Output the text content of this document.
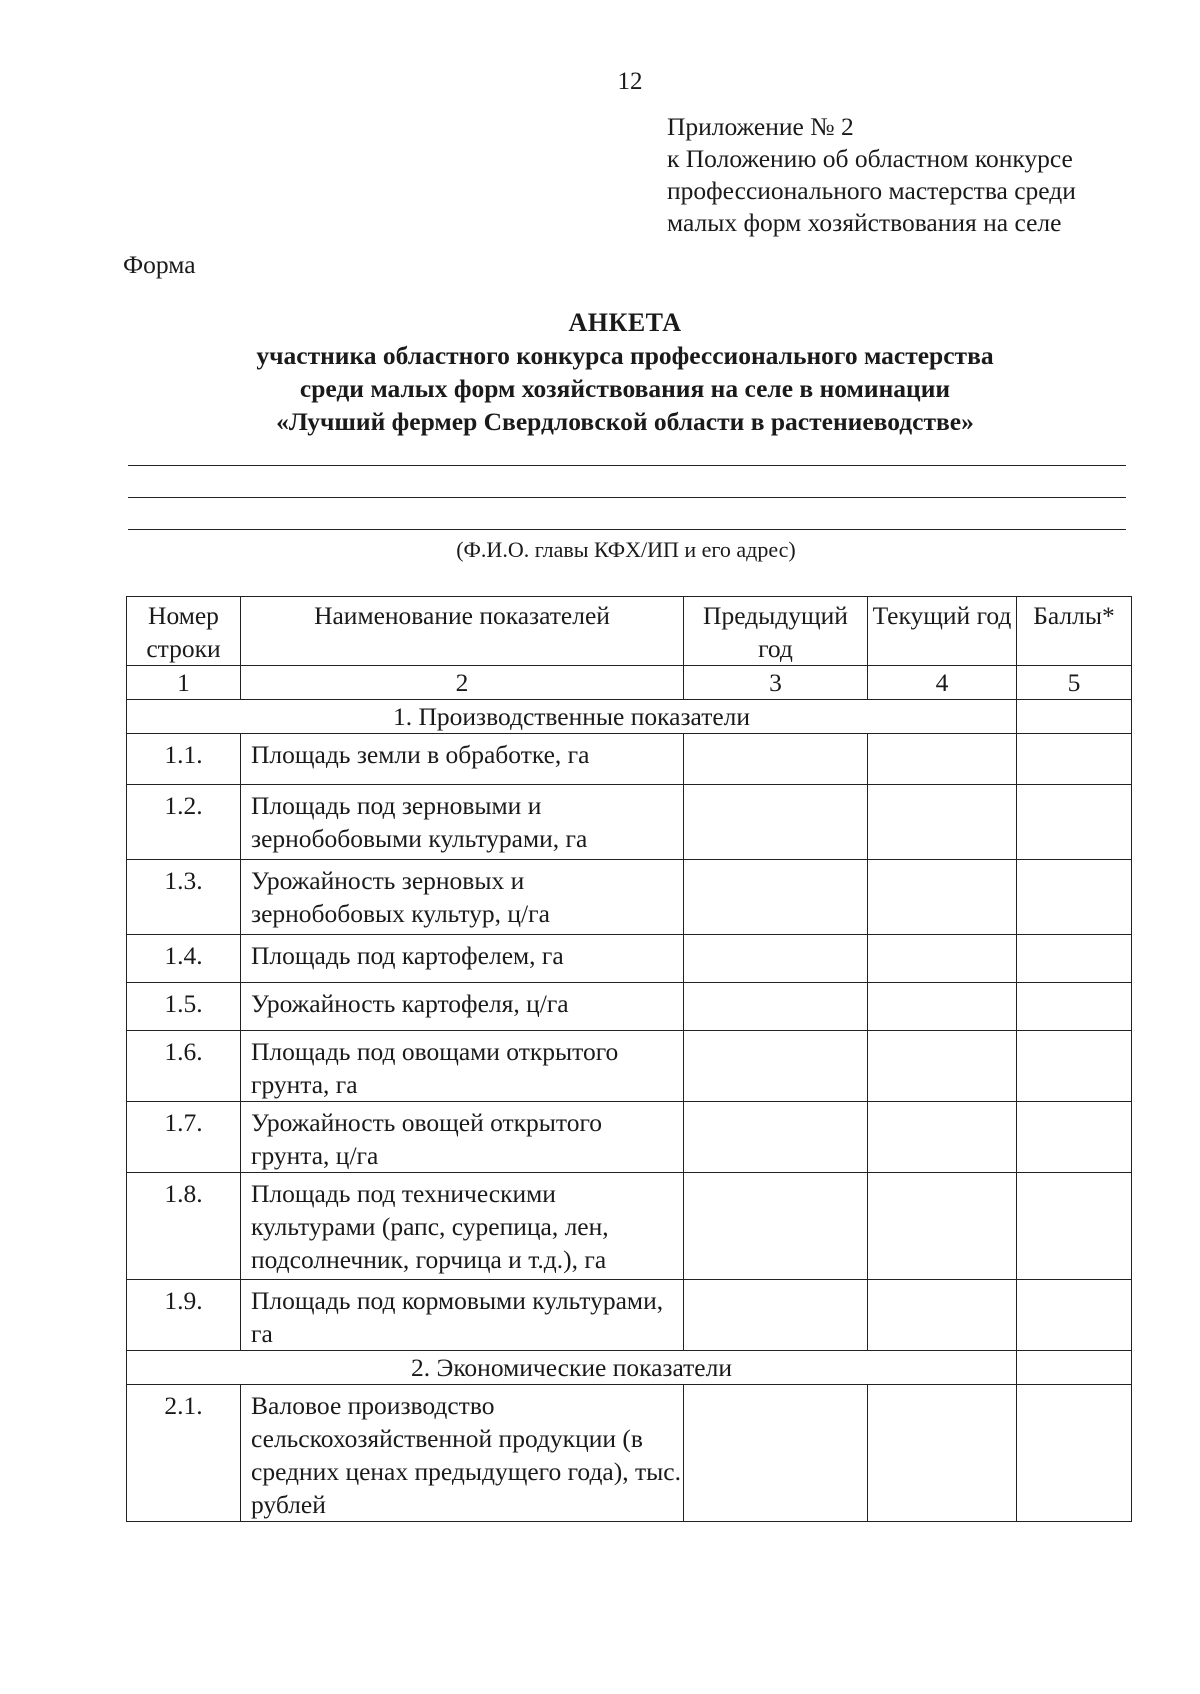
12
Приложение № 2
к Положению об областном конкурсе
профессионального мастерства среди
малых форм хозяйствования на селе
Форма
АНКЕТА
участника областного конкурса профессионального мастерства
среди малых форм хозяйствования на селе в номинации
«Лучший фермер Свердловской области в растениеводстве»
(Ф.И.О. главы КФХ/ИП и его адрес)
Номер строки	Наименование показателей	Предыдущий год	Текущий год	Баллы*

1	2	3	4	5
1. Производственные показатели				

1.1.	Площадь земли в обработке, га			

1.2.	Площадь под зерновыми и зернобобовыми культурами, га			

1.3.	Урожайность зерновых и зернобобовых культур, ц/га			

1.4.	Площадь под картофелем, га			

1.5.	Урожайность картофеля, ц/га			

1.6.	Площадь под овощами открытого грунта, га			

1.7.	Урожайность овощей открытого грунта, ц/га			

1.8.	Площадь под техническими культурами (рапс, сурепица, лен, подсолнечник, горчица и т.д.), га			

1.9.	Площадь под кормовыми культурами, га			

2. Экономические показатели				

2.1.	Валовое производство сельскохозяйственной продукции (в средних ценах предыдущего года), тыс. рублей			
